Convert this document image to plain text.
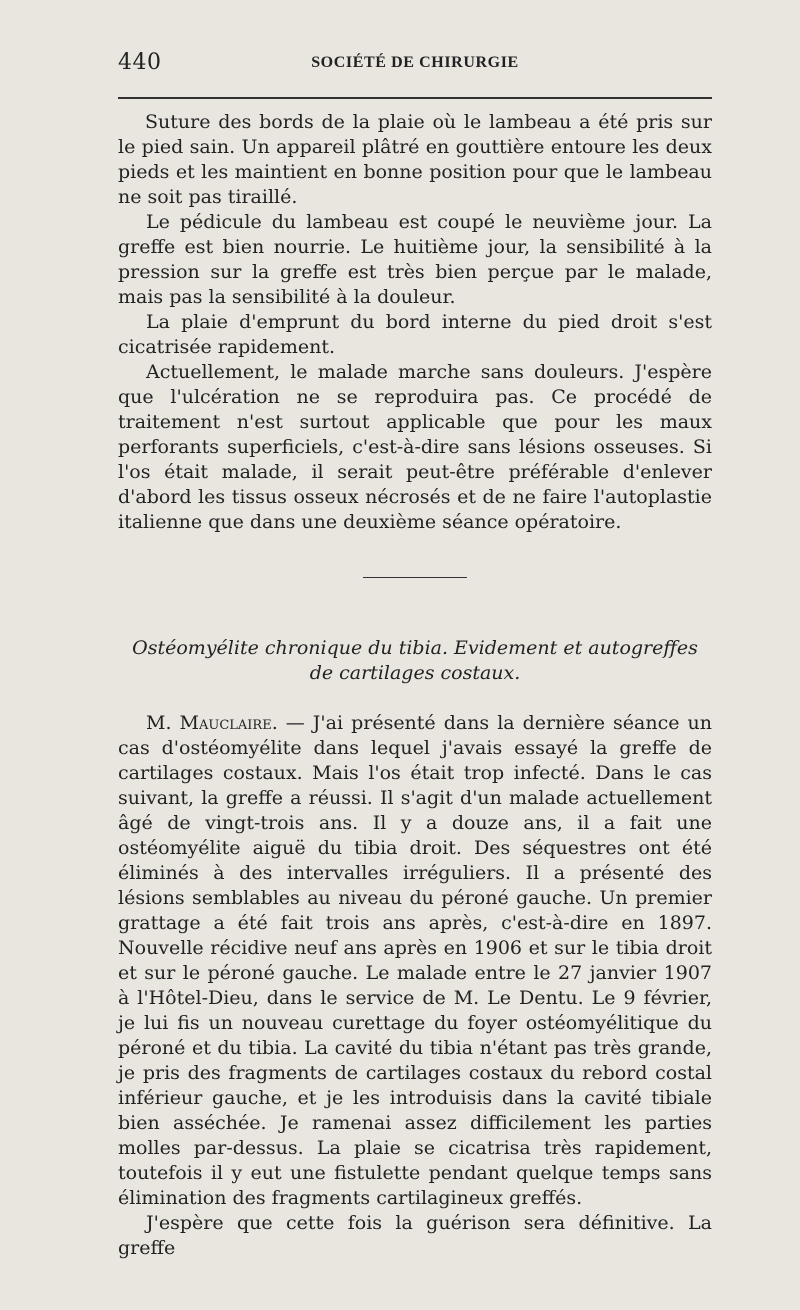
440	SOCIÉTÉ DE CHIRURGIE

Suture des bords de la plaie où le lambeau a été pris sur le pied sain. Un appareil plâtré en gouttière entoure les deux pieds et les maintient en bonne position pour que le lambeau ne soit pas tiraillé.

Le pédicule du lambeau est coupé le neuvième jour. La greffe est bien nourrie. Le huitième jour, la sensibilité à la pression sur la greffe est très bien perçue par le malade, mais pas la sensibilité à la douleur.

La plaie d'emprunt du bord interne du pied droit s'est cicatrisée rapidement.

Actuellement, le malade marche sans douleurs. J'espère que l'ulcération ne se reproduira pas. Ce procédé de traitement n'est surtout applicable que pour les maux perforants superficiels, c'est-à-dire sans lésions osseuses. Si l'os était malade, il serait peut-être préférable d'enlever d'abord les tissus osseux nécrosés et de ne faire l'autoplastie italienne que dans une deuxième séance opératoire.

Ostéomyélite chronique du tibia. Evidement et autogreffes
de cartilages costaux.

M. Mauclaire. — J'ai présenté dans la dernière séance un cas d'ostéomyélite dans lequel j'avais essayé la greffe de cartilages costaux. Mais l'os était trop infecté. Dans le cas suivant, la greffe a réussi. Il s'agit d'un malade actuellement âgé de vingt-trois ans. Il y a douze ans, il a fait une ostéomyélite aiguë du tibia droit. Des séquestres ont été éliminés à des intervalles irréguliers. Il a présenté des lésions semblables au niveau du péroné gauche. Un premier grattage a été fait trois ans après, c'est-à-dire en 1897. Nouvelle récidive neuf ans après en 1906 et sur le tibia droit et sur le péroné gauche. Le malade entre le 27 janvier 1907 à l'Hôtel-Dieu, dans le service de M. Le Dentu. Le 9 février, je lui fis un nouveau curettage du foyer ostéomyélitique du péroné et du tibia. La cavité du tibia n'étant pas très grande, je pris des fragments de cartilages costaux du rebord costal inférieur gauche, et je les introduisis dans la cavité tibiale bien asséchée. Je ramenai assez difficilement les parties molles par-dessus. La plaie se cicatrisa très rapidement, toutefois il y eut une fistulette pendant quelque temps sans élimination des fragments cartilagineux greffés.

J'espère que cette fois la guérison sera définitive. La greffe
